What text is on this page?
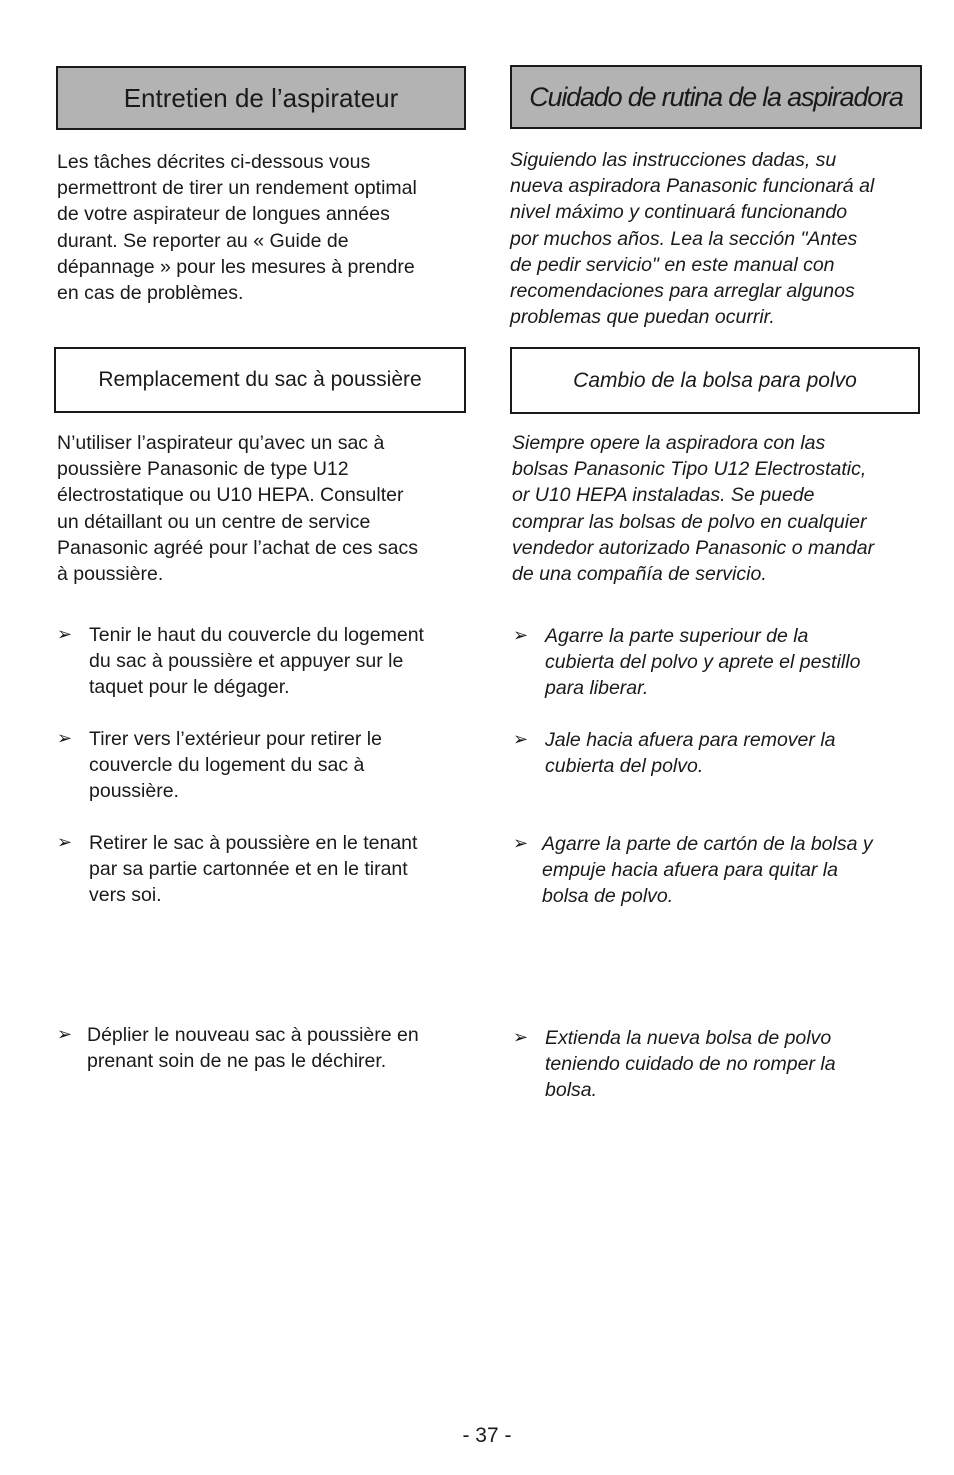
Entretien de l’aspirateur

Les tâches décrites ci-dessous vous
permettront de tirer un rendement optimal
de votre aspirateur de longues années
durant. Se reporter au « Guide de
dépannage » pour les mesures à prendre
en cas de problèmes.

Remplacement du sac à poussière

N’utiliser l’aspirateur qu’avec un sac à
poussière Panasonic de type U12
électrostatique ou U10 HEPA. Consulter
un détaillant ou un centre de service
Panasonic agréé pour l’achat de ces sacs
à poussière.

➢ Tenir le haut du couvercle du logement
du sac à poussière et appuyer sur le
taquet pour le dégager.

➢ Tirer vers l’extérieur pour retirer le
couvercle du logement du sac à
poussière.

➢ Retirer le sac à poussière en le tenant
par sa partie cartonnée et en le tirant
vers soi.

➢ Déplier le nouveau sac à poussière en
prenant soin de ne pas le déchirer.

Cuidado de rutina de la aspiradora

Siguiendo las instrucciones dadas, su
nueva aspiradora Panasonic funcionará al
nivel máximo y continuará funcionando
por muchos años. Lea la sección "Antes
de pedir servicio" en este manual con
recomendaciones para arreglar algunos
problemas que puedan ocurrir.

Cambio de la bolsa para polvo

Siempre opere la aspiradora con las
bolsas Panasonic Tipo U12 Electrostatic,
or U10 HEPA instaladas. Se puede
comprar las bolsas de polvo en cualquier
vendedor autorizado Panasonic o mandar
de una compañía de servicio.

➢ Agarre la parte superiour de la
cubierta del polvo y aprete el pestillo
para liberar.

➢ Jale hacia afuera para remover la
cubierta del polvo.

➢ Agarre la parte de cartón de la bolsa y
empuje hacia afuera para quitar la
bolsa de polvo.

➢ Extienda la nueva bolsa de polvo
teniendo cuidado de no romper la
bolsa.

- 37 -
